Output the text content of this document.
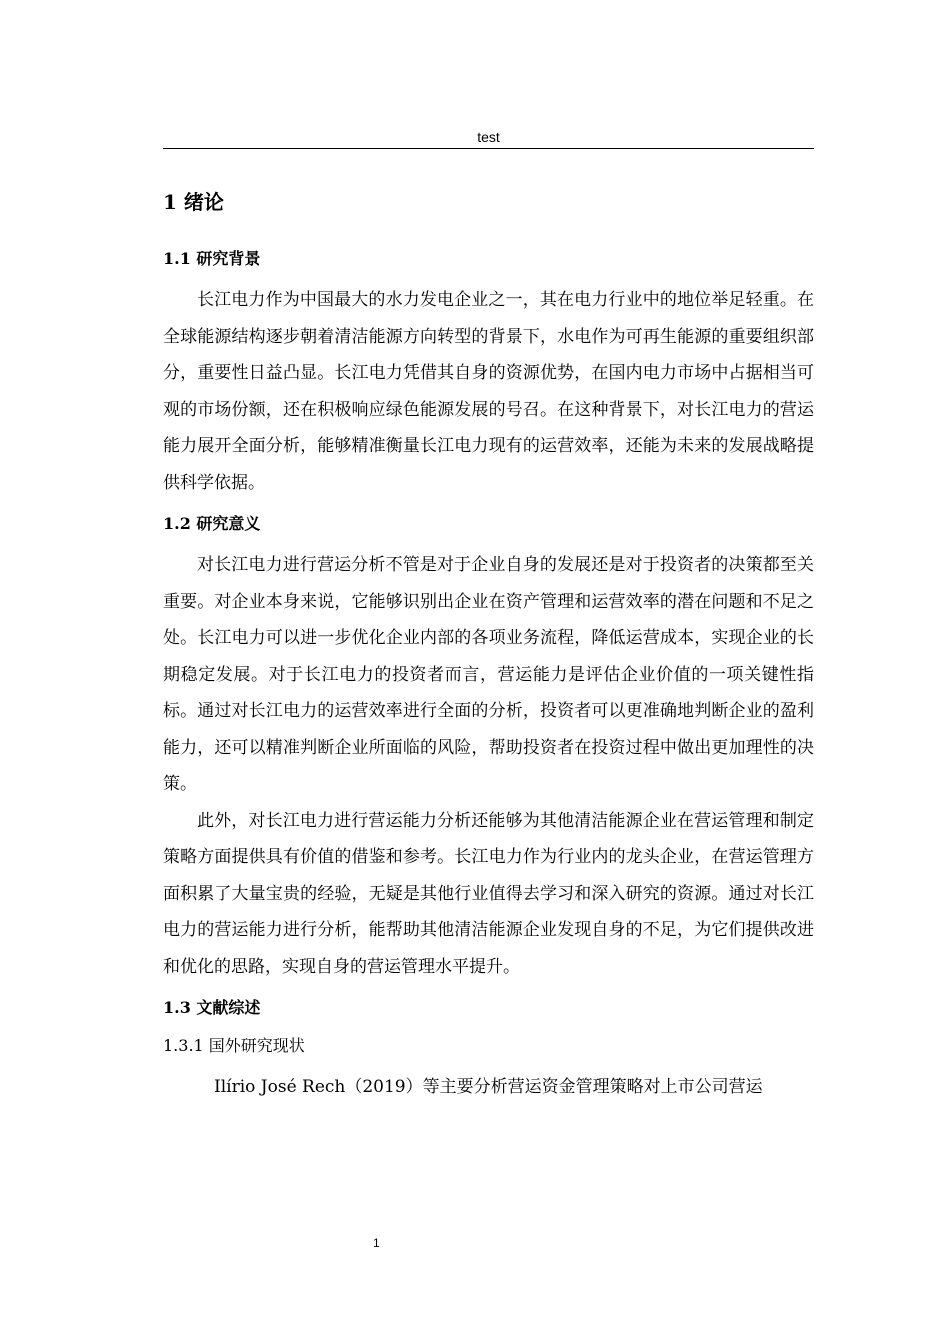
test
1 绪论
1.1 研究背景

长江电力作为中国最大的水力发电企业之一，其在电力行业中的地位举足轻重。在全球能源结构逐步朝着清洁能源方向转型的背景下，水电作为可再生能源的重要组织部分，重要性日益凸显。长江电力凭借其自身的资源优势，在国内电力市场中占据相当可观的市场份额，还在积极响应绿色能源发展的号召。在这种背景下，对长江电力的营运能力展开全面分析，能够精准衡量长江电力现有的运营效率，还能为未来的发展战略提供科学依据。

1.2 研究意义

对长江电力进行营运分析不管是对于企业自身的发展还是对于投资者的决策都至关重要。对企业本身来说，它能够识别出企业在资产管理和运营效率的潜在问题和不足之处。长江电力可以进一步优化企业内部的各项业务流程，降低运营成本，实现企业的长期稳定发展。对于长江电力的投资者而言，营运能力是评估企业价值的一项关键性指标。通过对长江电力的运营效率进行全面的分析，投资者可以更准确地判断企业的盈利能力，还可以精准判断企业所面临的风险，帮助投资者在投资过程中做出更加理性的决策。

此外，对长江电力进行营运能力分析还能够为其他清洁能源企业在营运管理和制定策略方面提供具有价值的借鉴和参考。长江电力作为行业内的龙头企业，在营运管理方面积累了大量宝贵的经验，无疑是其他行业值得去学习和深入研究的资源。通过对长江电力的营运能力进行分析，能帮助其他清洁能源企业发现自身的不足，为它们提供改进和优化的思路，实现自身的营运管理水平提升。

1.3 文献综述
1.3.1 国外研究现状

Ilírio José Rech（2019）等主要分析营运资金管理策略对上市公司营运

1
